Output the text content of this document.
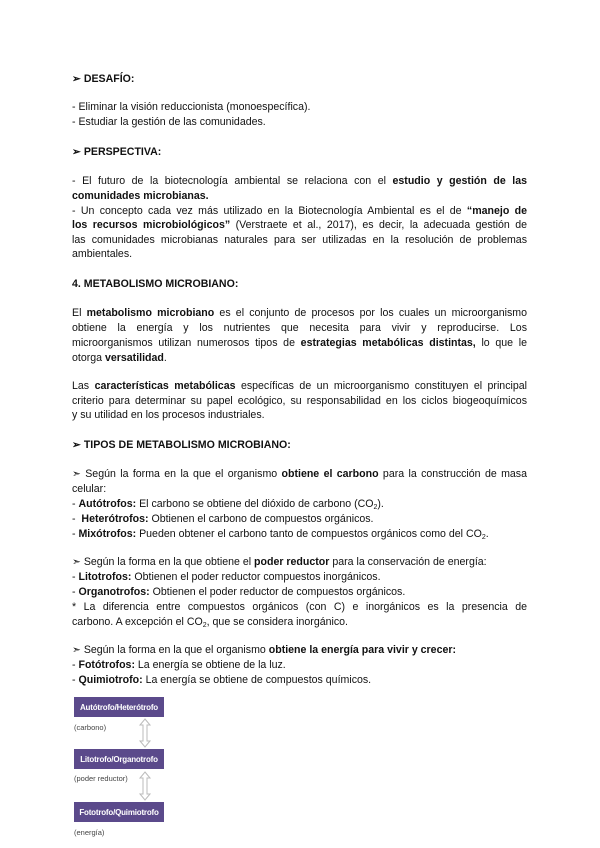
➢ DESAFÍO:
- Eliminar la visión reduccionista (monoespecífica).
- Estudiar la gestión de las comunidades.
➢ PERSPECTIVA:
- El futuro de la biotecnología ambiental se relaciona con el estudio y gestión de las
comunidades microbianas.
- Un concepto cada vez más utilizado en la Biotecnología Ambiental es el de “manejo de
los recursos microbiológicos” (Verstraete et al., 2017), es decir, la adecuada gestión de
las comunidades microbianas naturales para ser utilizadas en la resolución de problemas
ambientales.
4. METABOLISMO MICROBIANO:
El metabolismo microbiano es el conjunto de procesos por los cuales un microorganismo
obtiene la energía y los nutrientes que necesita para vivir y reproducirse. Los
microorganismos utilizan numerosos tipos de estrategias metabólicas distintas, lo que le
otorga versatilidad.
Las características metabólicas específicas de un microorganismo constituyen el principal
criterio para determinar su papel ecológico, su responsabilidad en los ciclos biogeoquímicos
y su utilidad en los procesos industriales.
➢ TIPOS DE METABOLISMO MICROBIANO:
➣ Según la forma en la que el organismo obtiene el carbono para la construcción de masa
celular:
- Autótrofos: El carbono se obtiene del dióxido de carbono $(CO_2)$.
-  Heterótrofos: Obtienen el carbono de compuestos orgánicos.
- Mixótrofos: Pueden obtener el carbono tanto de compuestos orgánicos como del $CO_2$.
➣ Según la forma en la que obtiene el poder reductor para la conservación de energía:
- Litotrofos: Obtienen el poder reductor compuestos inorgánicos.
- Organotrofos: Obtienen el poder reductor de compuestos orgánicos.
* La diferencia entre compuestos orgánicos (con C) e inorgánicos es la presencia de
carbono. A excepción el $CO_2$, que se considera inorgánico.
➣ Según la forma en la que el organismo obtiene la energía para vivir y crecer:
- Fotótrofos: La energía se obtiene de la luz.
- Quimiotrofo: La energía se obtiene de compuestos químicos.
Autótrofo/Heterótrofo
(carbono)
Litotrofo/Organotrofo
(poder reductor)
Fototrofo/Quimiotrofo
(energía)
